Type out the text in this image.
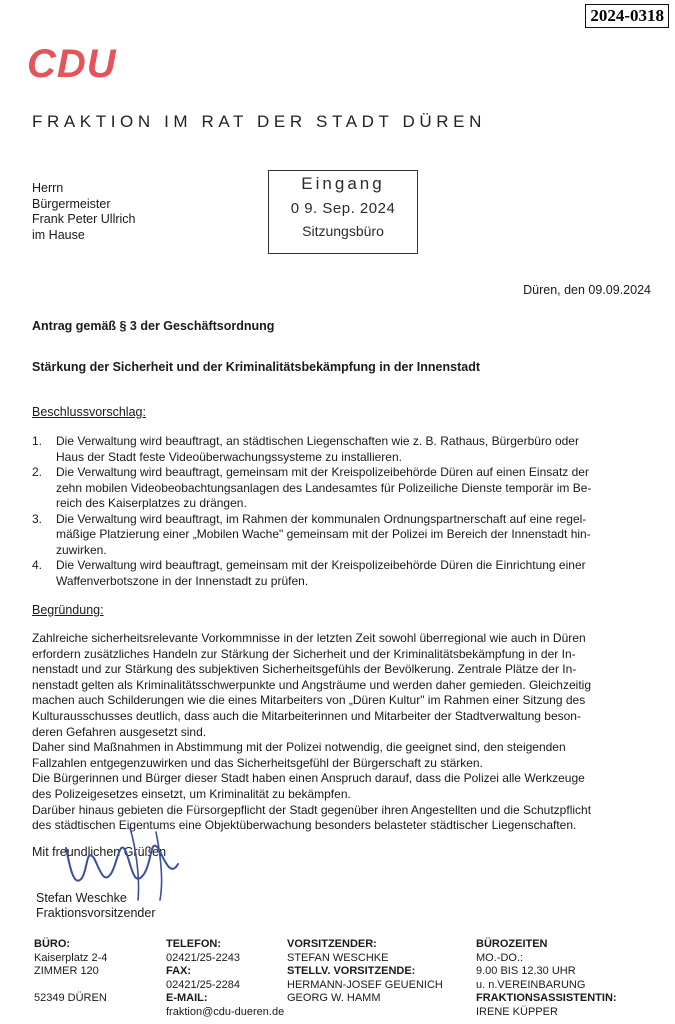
2024-0318
CDU
FRAKTION IM RAT DER STADT DÜREN
Herrn
Bürgermeister
Frank Peter Ullrich
im Hause
Eingang
0 9. Sep. 2024
Sitzungsbüro
Düren, den 09.09.2024
Antrag gemäß § 3 der Geschäftsordnung
Stärkung der Sicherheit und der Kriminalitätsbekämpfung in der Innenstadt
Beschlussvorschlag:
1. Die Verwaltung wird beauftragt, an städtischen Liegenschaften wie z. B. Rathaus, Bürgerbüro oder
Haus der Stadt feste Videoüberwachungssysteme zu installieren.
2. Die Verwaltung wird beauftragt, gemeinsam mit der Kreispolizeibehörde Düren auf einen Einsatz der
zehn mobilen Videobeobachtungsanlagen des Landesamtes für Polizeiliche Dienste temporär im Be-
reich des Kaiserplatzes zu drängen.
3. Die Verwaltung wird beauftragt, im Rahmen der kommunalen Ordnungspartnerschaft auf eine regel-
mäßige Platzierung einer „Mobilen Wache" gemeinsam mit der Polizei im Bereich der Innenstadt hin-
zuwirken.
4. Die Verwaltung wird beauftragt, gemeinsam mit der Kreispolizeibehörde Düren die Einrichtung einer
Waffenverbotszone in der Innenstadt zu prüfen.
Begründung:
Zahlreiche sicherheitsrelevante Vorkommnisse in der letzten Zeit sowohl überregional wie auch in Düren
erfordern zusätzliches Handeln zur Stärkung der Sicherheit und der Kriminalitätsbekämpfung in der In-
nenstadt und zur Stärkung des subjektiven Sicherheitsgefühls der Bevölkerung. Zentrale Plätze der In-
nenstadt gelten als Kriminalitätsschwerpunkte und Angsträume und werden daher gemieden. Gleichzeitig
machen auch Schilderungen wie die eines Mitarbeiters von „Düren Kultur" im Rahmen einer Sitzung des
Kulturausschusses deutlich, dass auch die Mitarbeiterinnen und Mitarbeiter der Stadtverwaltung beson-
deren Gefahren ausgesetzt sind.
Daher sind Maßnahmen in Abstimmung mit der Polizei notwendig, die geeignet sind, den steigenden
Fallzahlen entgegenzuwirken und das Sicherheitsgefühl der Bürgerschaft zu stärken.
Die Bürgerinnen und Bürger dieser Stadt haben einen Anspruch darauf, dass die Polizei alle Werkzeuge
des Polizeigesetzes einsetzt, um Kriminalität zu bekämpfen.
Darüber hinaus gebieten die Fürsorgepflicht der Stadt gegenüber ihren Angestellten und die Schutzpflicht
des städtischen Eigentums eine Objektüberwachung besonders belasteter städtischer Liegenschaften.
Mit freundlichen Grüßen
Stefan Weschke
Fraktionsvorsitzender
BÜRO:
Kaiserplatz 2-4
ZIMMER 120

52349 DÜREN
TELEFON:
02421/25-2243
FAX:
02421/25-2284
E-MAIL:
fraktion@cdu-dueren.de
VORSITZENDER:
STEFAN WESCHKE
STELLV. VORSITZENDE:
HERMANN-JOSEF GEUENICH
GEORG W. HAMM
BÜROZEITEN
MO.-DO.:
9.00 BIS 12.30 UHR
u. n.VEREINBARUNG
FRAKTIONSASSISTENTIN:
IRENE KÜPPER
